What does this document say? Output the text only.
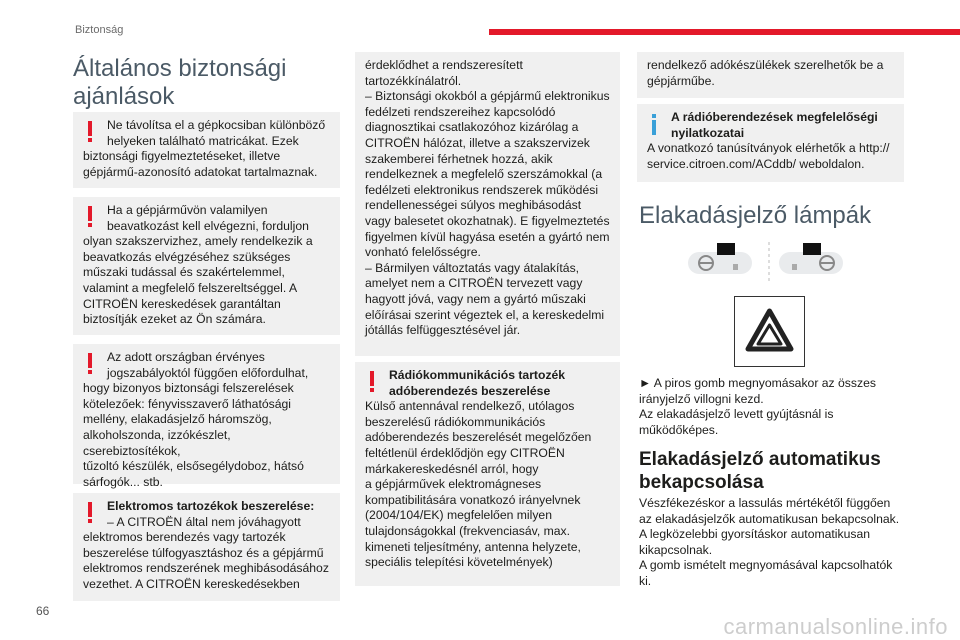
Biztonság
Általános biztonsági ajánlások
Ne távolítsa el a gépkocsiban különböző
helyeken található matricákat. Ezek
biztonsági figyelmeztetéseket, illetve
gépjármű-azonosító adatokat tartalmaznak.
Ha a gépjárművön valamilyen
beavatkozást kell elvégezni, forduljon
olyan szakszervizhez, amely rendelkezik a
beavatkozás elvégzéséhez szükséges
műszaki tudással és szakértelemmel,
valamint a megfelelő felszereltséggel. A
CITROËN kereskedések garantáltan
biztosítják ezeket az Ön számára.
Az adott országban érvényes
jogszabályoktól függően előfordulhat,
hogy bizonyos biztonsági felszerelések
kötelezőek: fényvisszaverő láthatósági
mellény, elakadásjelző háromszög,
alkoholszonda, izzókészlet, cserebiztosítékok,
tűzoltó készülék, elsősegélydoboz, hátsó
sárfogók... stb.

Elektromos tartozékok beszerelése:

– A CITROËN által nem jóváhagyott
elektromos berendezés vagy tartozék
beszerelése túlfogyasztáshoz és a gépjármű
elektromos rendszerének meghibásodásához
vezethet. A CITROËN kereskedésekben
érdeklődhet a rendszeresített
tartozékkínálatról.
– Biztonsági okokból a gépjármű elektronikus
fedélzeti rendszereihez kapcsolódó
diagnosztikai csatlakozóhoz kizárólag a
CITROËN hálózat, illetve a szakszervizek
szakemberei férhetnek hozzá, akik
rendelkeznek a megfelelő szerszámokkal (a
fedélzeti elektronikus rendszerek működési
rendellenességei súlyos meghibásodást
vagy balesetet okozhatnak). E figyelmeztetés
figyelmen kívül hagyása esetén a gyártó nem
vonható felelősségre.
– Bármilyen változtatás vagy átalakítás,
amelyet nem a CITROËN tervezett vagy
hagyott jóvá, vagy nem a gyártó műszaki
előírásai szerint végeztek el, a kereskedelmi
jótállás felfüggesztésével jár.
Rádiókommunikációs tartozék
adóberendezés beszerelése
Külső antennával rendelkező, utólagos
beszerelésű rádiókommunikációs
adóberendezés beszerelését megelőzően
feltétlenül érdeklődjön egy CITROËN
márkakereskedésnél arról, hogy
a gépjárművek elektromágneses
kompatibilitására vonatkozó irányelvnek
(2004/104/EK) megfelelően milyen
tulajdonságokkal (frekvenciasáv, max.
kimeneti teljesítmény, antenna helyzete,
speciális telepítési követelmények)
rendelkező adókészülékek szerelhetők be a
gépjárműbe.
A rádióberendezések megfelelőségi
nyilatkozatai
A vonatkozó tanúsítványok elérhetők a http://
service.citroen.com/ACddb/ weboldalon.
Elakadásjelző lámpák
► A piros gomb megnyomásakor az összes
irányjelző villogni kezd.
Az elakadásjelző levett gyújtásnál is
működőképes.
Elakadásjelző automatikus
bekapcsolása
Vészfékezéskor a lassulás mértékétől függően
az elakadásjelzők automatikusan bekapcsolnak.
A legközelebbi gyorsításkor automatikusan
kikapcsolnak.
A gomb ismételt megnyomásával kapcsolhatók
ki.
66
carmanualsonline.info
